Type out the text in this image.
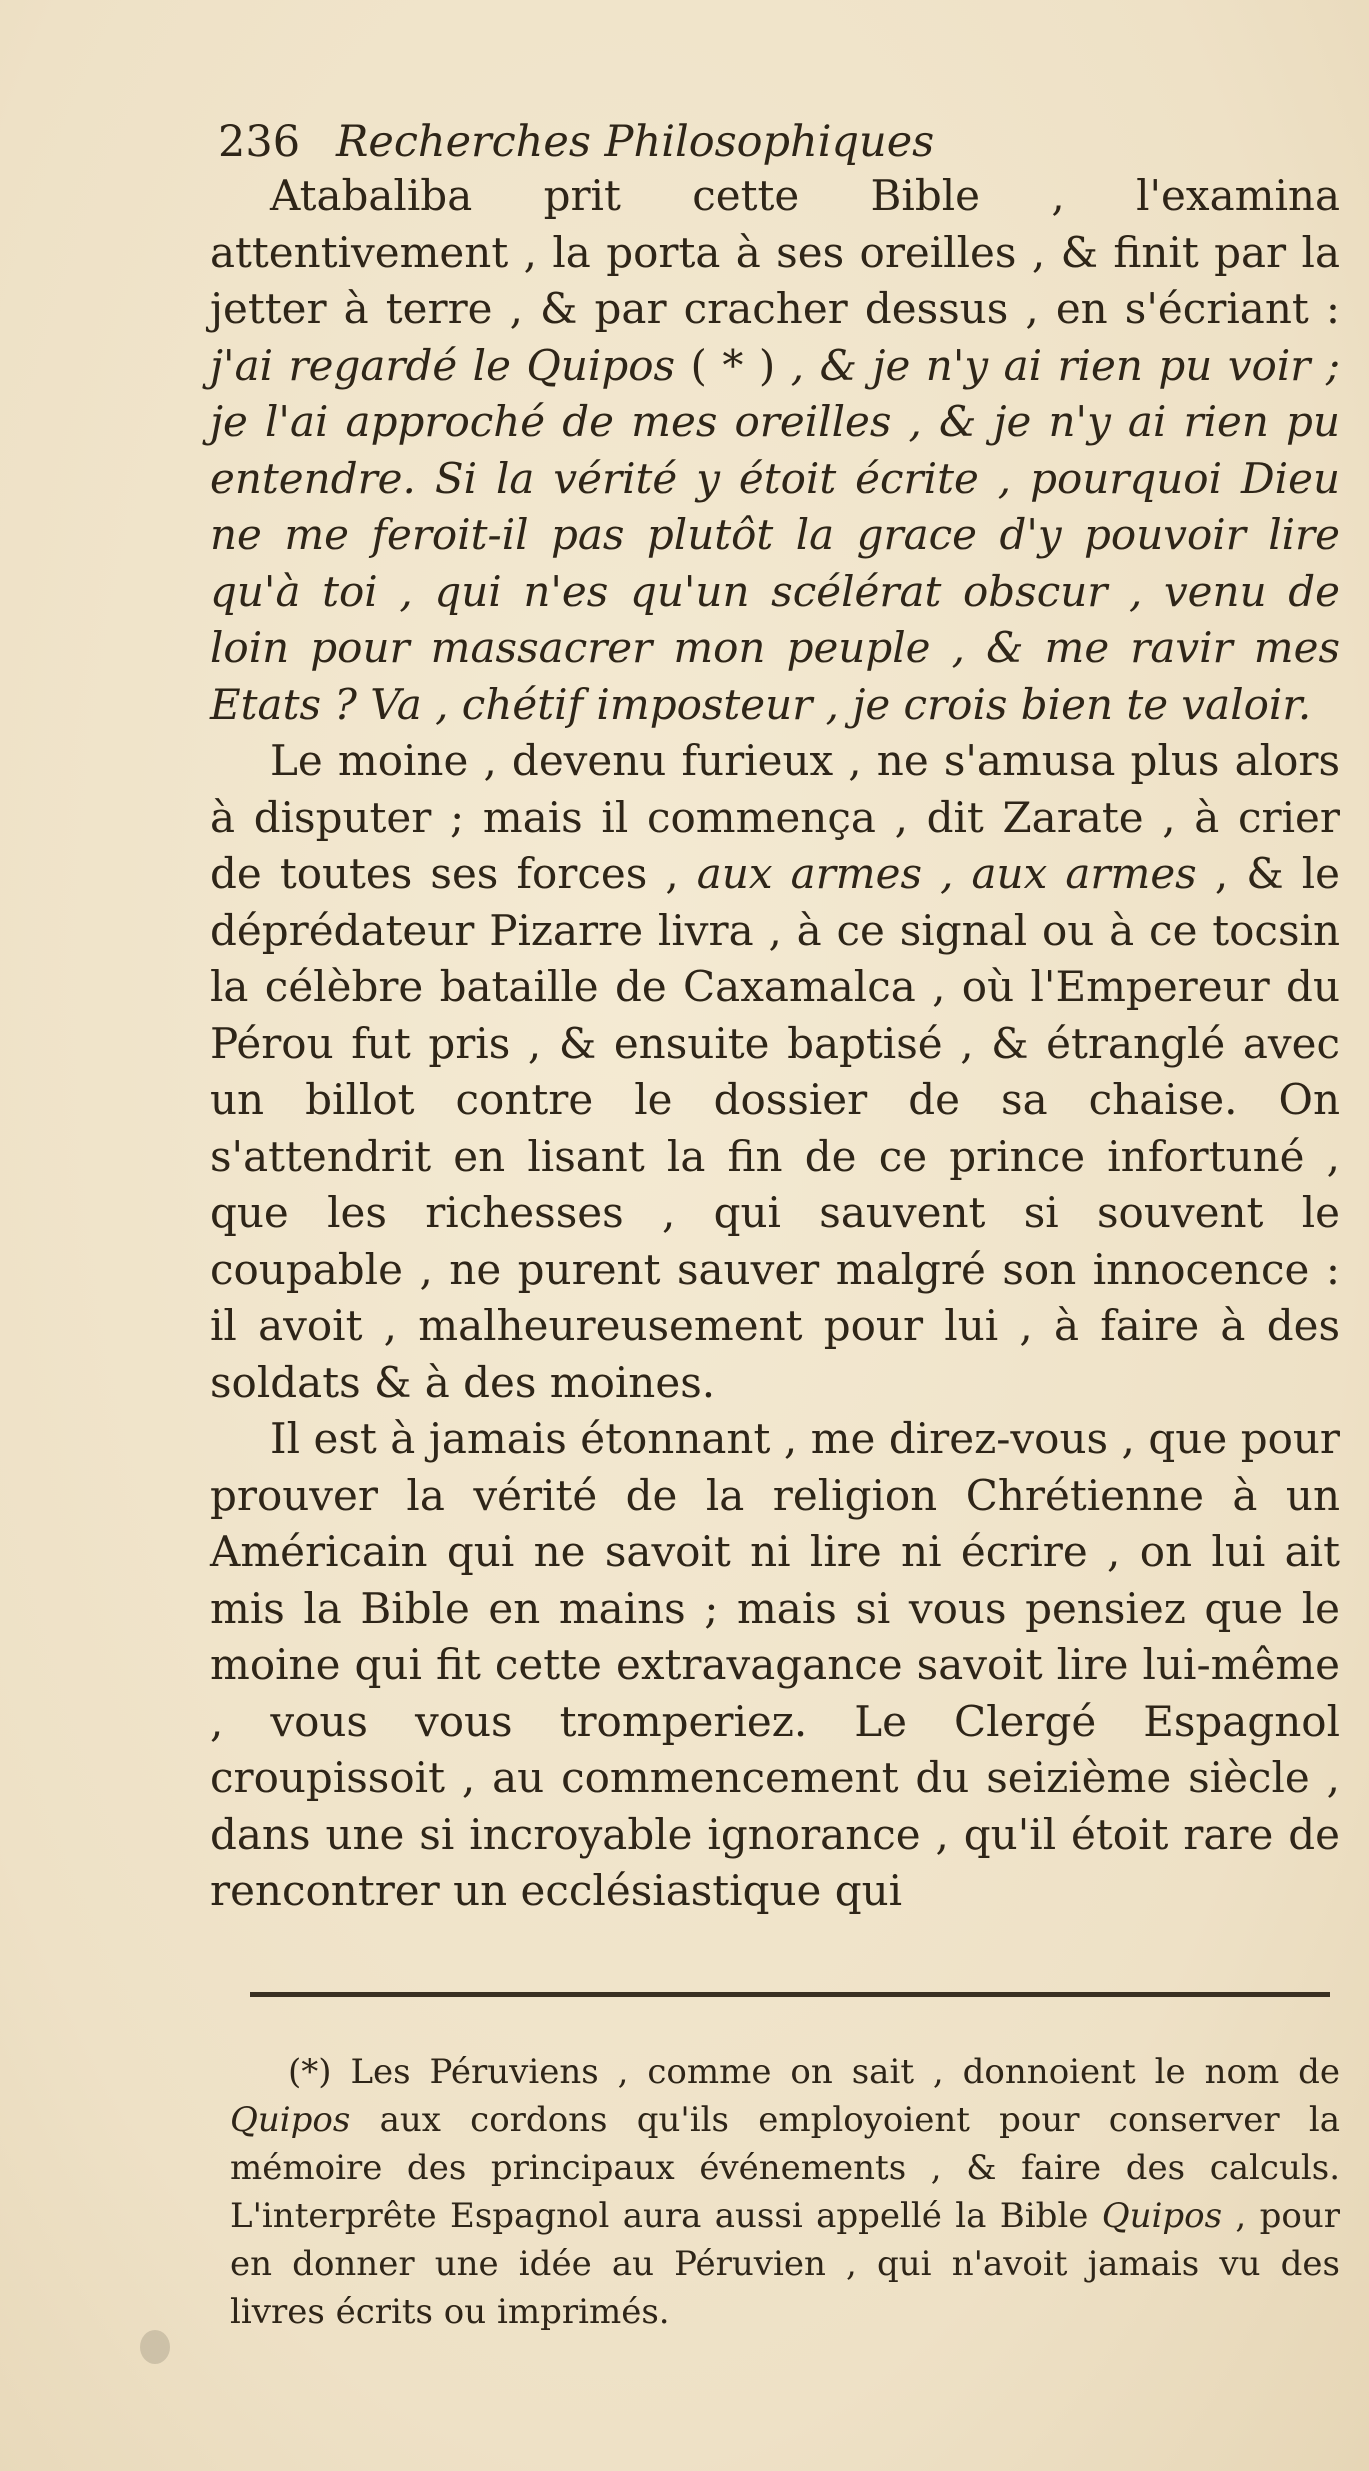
236 Recherches Philosophiques

Atabaliba prit cette Bible , l'examina attentivement , la porta à ses oreilles , & finit par la jetter à terre , & par cracher dessus , en s'écriant : j'ai regardé le Quipos ( * ) , & je n'y ai rien pu voir ; je l'ai approché de mes oreilles , & je n'y ai rien pu entendre. Si la vérité y étoit écrite , pourquoi Dieu ne me feroit-il pas plutôt la grace d'y pouvoir lire qu'à toi , qui n'es qu'un scélérat obscur , venu de loin pour massacrer mon peuple , & me ravir mes Etats ? Va , chétif imposteur , je crois bien te valoir.

Le moine , devenu furieux , ne s'amusa plus alors à disputer ; mais il commença , dit Zarate , à crier de toutes ses forces , aux armes , aux armes , & le déprédateur Pizarre livra , à ce signal ou à ce tocsin la célèbre bataille de Caxamalca , où l'Empereur du Pérou fut pris , & ensuite baptisé , & étranglé avec un billot contre le dossier de sa chaise. On s'attendrit en lisant la fin de ce prince infortuné , que les richesses , qui sauvent si souvent le coupable , ne purent sauver malgré son innocence : il avoit , malheureusement pour lui , à faire à des soldats & à des moines.

Il est à jamais étonnant , me direz-vous , que pour prouver la vérité de la religion Chrétienne à un Américain qui ne savoit ni lire ni écrire , on lui ait mis la Bible en mains ; mais si vous pensiez que le moine qui fit cette extravagance savoit lire lui-même , vous vous tromperiez. Le Clergé Espagnol croupissoit , au commencement du seizième siècle , dans une si incroyable ignorance , qu'il étoit rare de rencontrer un ecclésiastique qui

(*) Les Péruviens , comme on sait , donnoient le nom de Quipos aux cordons qu'ils employoient pour conserver la mémoire des principaux événements , & faire des calculs. L'interprête Espagnol aura aussi appellé la Bible Quipos , pour en donner une idée au Péruvien , qui n'avoit jamais vu des livres écrits ou imprimés.
